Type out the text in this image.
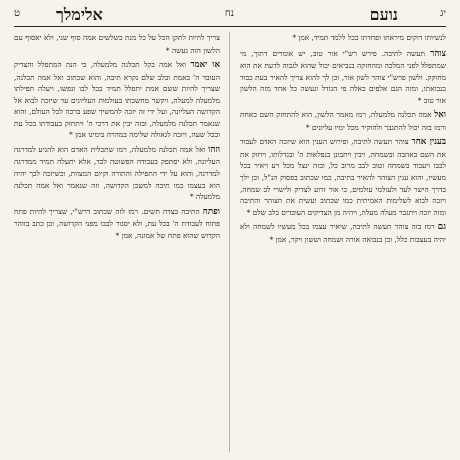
יג
נועם
נח
אלימלך
ט

לנשיותו דוקים מיראתו ופחדתו ככל ללמד תמיד, אמן *

צוהר תעשה לתיבה. פירש רש"י אור טוב, יש אומרים דתוך, מי שמתפלל לפני המלכה ומהחזקה בנביאים יכול שהוא לגבוה לדעת את הוא מחוקק. ולשון פרש"י צוהר לשון אור, וכן לך להוא צריך להאיר בעת כבוד בנבואתו, ומזה הגם אלפים כאלה פי הגודל ונעשה כל אחד מזה הלשון אור טוב *

ואל אמה תכלנה מלמעלה, רמז מאמר הלשון, הוא להתחזק השם כאחת ורמז בזה יכול להתגבר ולהוקיר מכל ימיו עליונים *

בענין אחר צוהר תעשה לתיבה, ופירוש הענין הוא שיזכה האדם לעבוד את השם באהבה ובשמחה, ויבין ויתבונן בנפלאות ה' ובגדלותו, ויחזק את לבבו ויעבוד בשמחה וטוב לבב מרוב כל, ובזה ינצל מכל רע ויאיר בכל מעשיו, והוא ענין הצוהר להאיר בתיבה, כמו שכתוב בפסוק הנ"ל, וכן ילך בדרך הישר לעד ולעולמי עולמים, כי אור זרוע לצדיק ולישרי לב שמחה, ויזכה לבוא לשלימות האמיתית כמו שכתוב ועשית את הצוהר והתיבה ומזה יזכה ויתגבר מעלה מעלה, ויהיה מן הצדיקים העובדים בלב שלם *

גם רמז בזה צוהר תעשה לתיבה, שיאיר עצמו בכל מעשיו לשמחה ולא יהיה בעצבות כלל, וכן בנבואה אורה ושמחה וששון ויקר, אמן *

צריך להיות לתקן הכל על כל מנת כשלשים אמה סוף שני, ולא יאסוף עם הלשון הזה נעשה *

או יאמר ואל אמה בקל תכלנה מלמעלה, כי הנה המתפלל והצדיק העובד ה' באמת ובלב שלם נקרא תיבה, והוא שכתוב ואל אמה תכלנה, שצריך להיות ששם אמת יתפלל תמיד בכל לבו ונפשו, ויעלה תפילתו מלמעלה למעלה, ויקשר מחשבתו בעולמות העליונים עד שיזכה לבוא אל הקדושה העליונה, ועל ידי זה יזכה להמשיך שפע ברכה לכל העולם, והוא שנאמר תכלנה מלמעלה, ובזה יבין את דרכי ה' ויתחזק בעבודתו בכל עת ובכל שעה, ויזכה לגאולה שלימה במהרה בימינו אמן *

וזהו ואל אמה תכלנה מלמעלה, רמז שתכלית האדם הוא להגיע למדרגה העליונה, ולא יסתפק בעבודה הפשוטה לבד, אלא יתעלה תמיד ממדרגה למדרגה, והוא על ידי התפילה והתורה וקיום המצוות, וכשיזכה לכך יהיה הוא בעצמו כמו תיבה למשכן הקדושה, וזה שנאמר ואל אמה תכלנה מלמעלה *

ופתח התיבה בצדה תשים. רמז לזה שכתוב דרש"י, שצריך להיות פתח פתוח לעבודת ה' בכל עת, ולא יסגור לבבו מפני הקדושה, וכן כתב בזוהר הקדוש שהוא פתח של אמונה, אמן *
